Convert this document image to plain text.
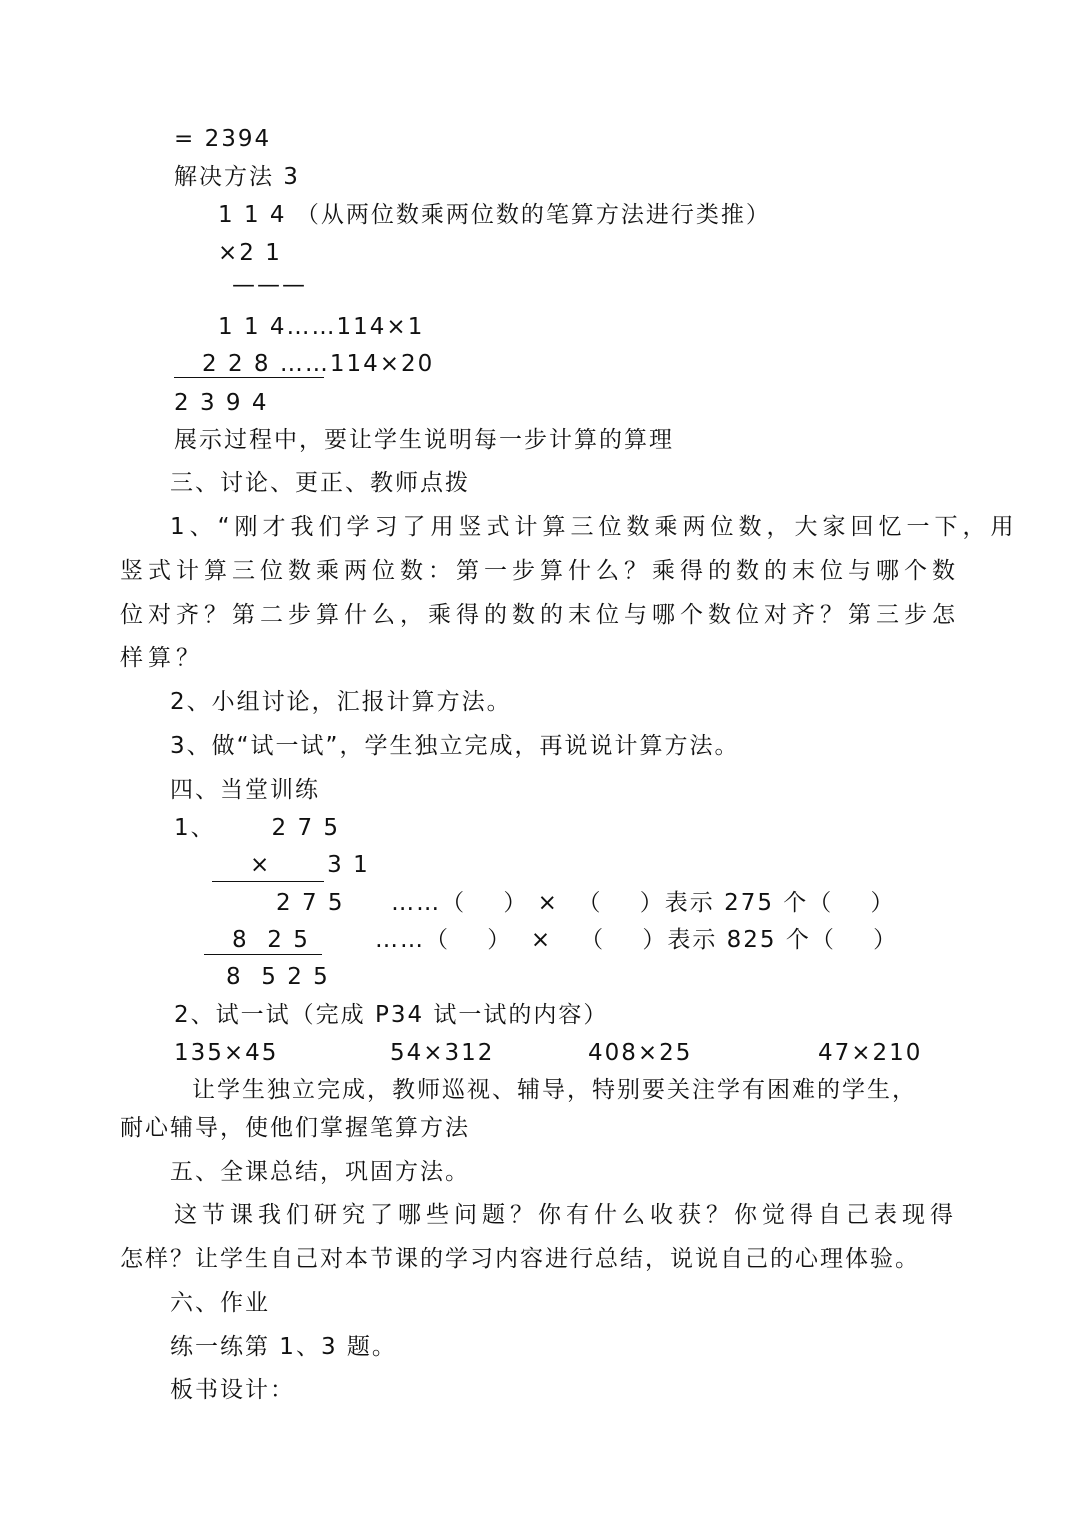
= 2394
解决方法 3
1 1 4 （从两位数乘两位数的笔算方法进行类推）
×2 1
———
1 1 4……114×1
2 2 8 ……114×20
2 3 9 4
展示过程中，要让学生说明每一步计算的算理
三、讨论、更正、教师点拨
1、“刚才我们学习了用竖式计算三位数乘两位数，大家回忆一下，用
竖式计算三位数乘两位数：第一步算什么？乘得的数的末位与哪个数
位对齐？第二步算什么，乘得的数的末位与哪个数位对齐？第三步怎
样算？
2、小组讨论，汇报计算方法。
3、做“试一试”，学生独立完成，再说说计算方法。
四、当堂训练
1、      2 7 5
×      3 1
2 7 5     ……（    ） ×  （    ）表示 275 个（    ）
8  2 5       ……（    ）  ×   （    ）表示 825 个（    ）
8  5 2 5
2、试一试（完成 P34 试一试的内容）
135×45	54×312	408×25	47×210
让学生独立完成，教师巡视、辅导，特别要关注学有困难的学生，
耐心辅导，使他们掌握笔算方法
五、全课总结，巩固方法。
这节课我们研究了哪些问题？你有什么收获？你觉得自己表现得
怎样？让学生自己对本节课的学习内容进行总结，说说自己的心理体验。
六、作业
练一练第 1、3 题。
板书设计：
